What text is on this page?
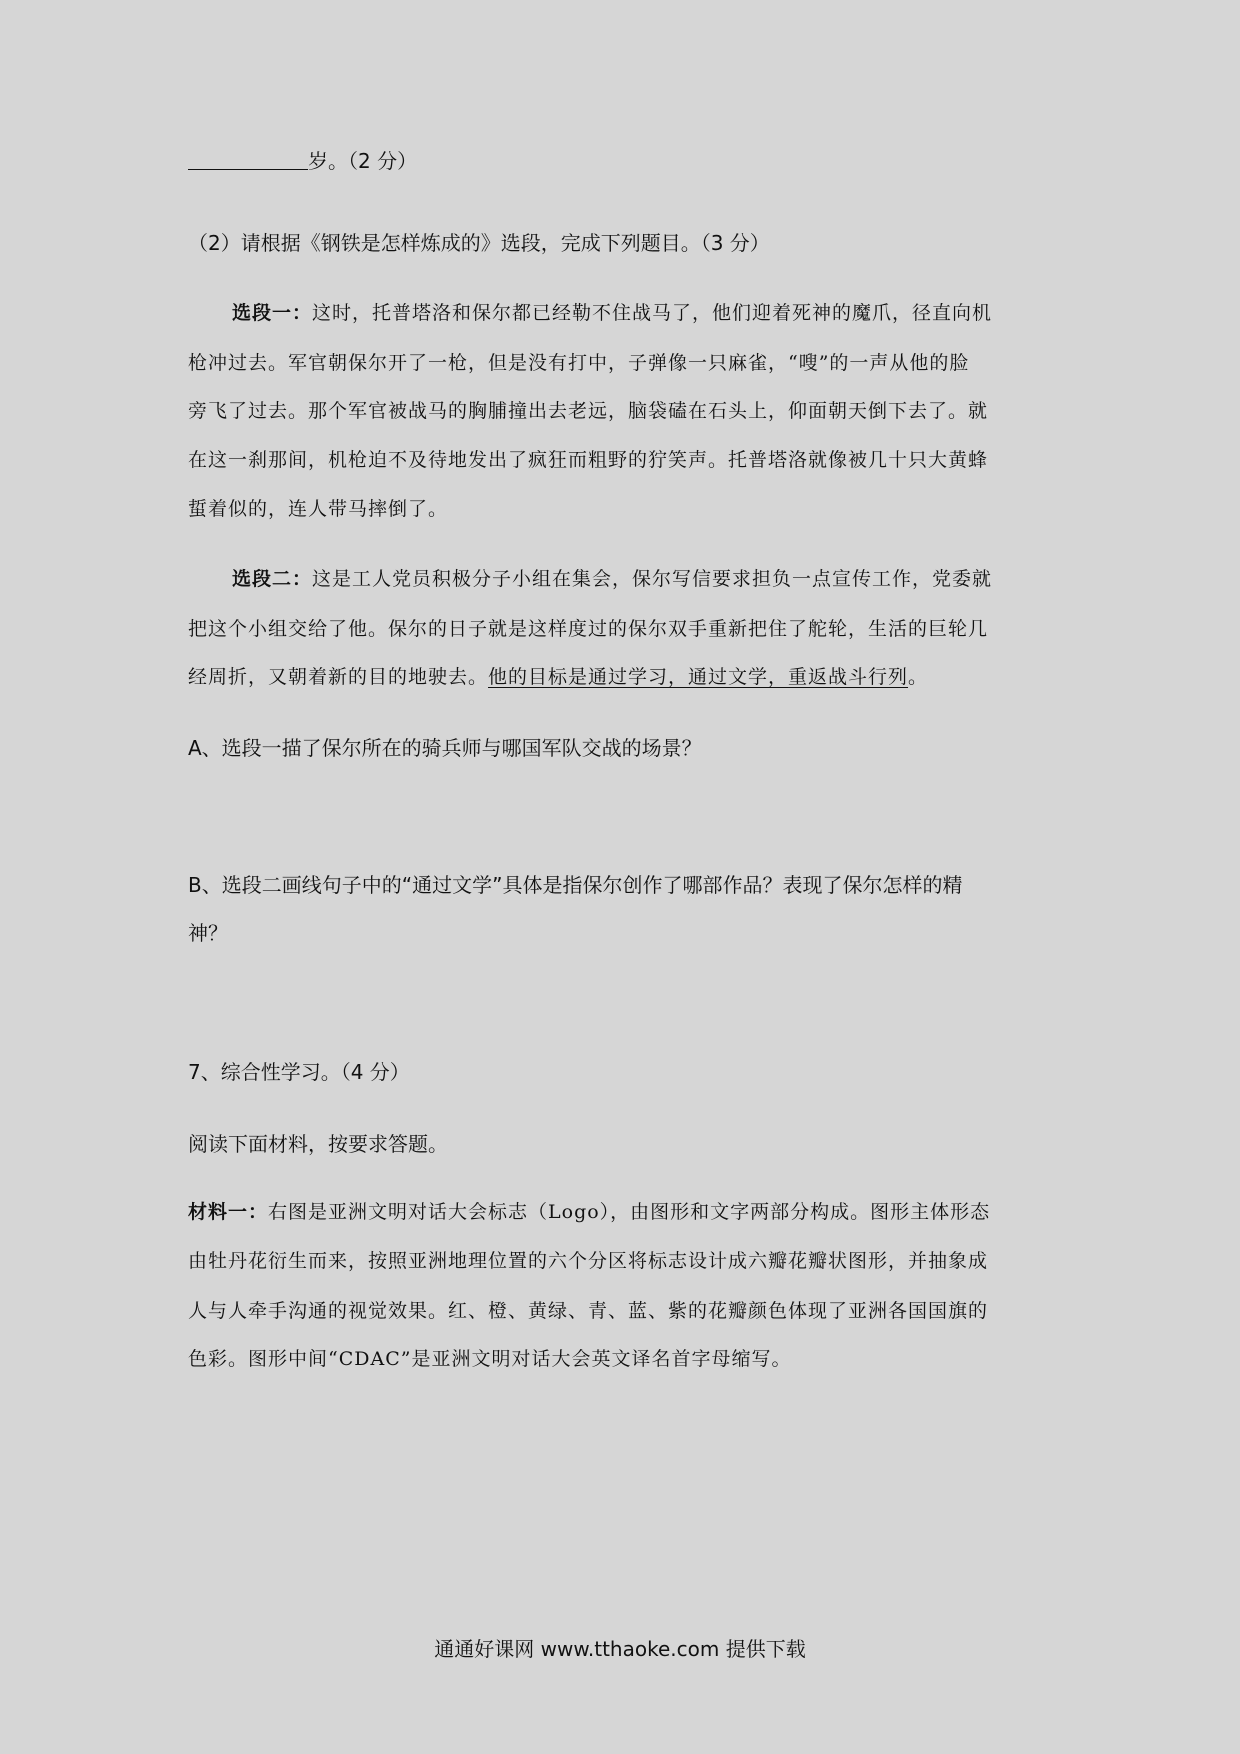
岁。（2 分）
（2）请根据《钢铁是怎样炼成的》选段，完成下列题目。（3 分）
选段一：这时，托普塔洛和保尔都已经勒不住战马了，他们迎着死神的魔爪，径直向机
枪冲过去。军官朝保尔开了一枪，但是没有打中，子弹像一只麻雀，“嗖”的一声从他的脸
旁飞了过去。那个军官被战马的胸脯撞出去老远，脑袋磕在石头上，仰面朝天倒下去了。就
在这一刹那间，机枪迫不及待地发出了疯狂而粗野的狞笑声。托普塔洛就像被几十只大黄蜂
蜇着似的，连人带马摔倒了。
选段二：这是工人党员积极分子小组在集会，保尔写信要求担负一点宣传工作，党委就
把这个小组交给了他。保尔的日子就是这样度过的保尔双手重新把住了舵轮，生活的巨轮几
经周折，又朝着新的目的地驶去。他的目标是通过学习，通过文学，重返战斗行列。
A、选段一描了保尔所在的骑兵师与哪国军队交战的场景？
B、选段二画线句子中的“通过文学”具体是指保尔创作了哪部作品？表现了保尔怎样的精
神？
7、综合性学习。（4 分）
阅读下面材料，按要求答题。
材料一：右图是亚洲文明对话大会标志（Logo），由图形和文字两部分构成。图形主体形态
由牡丹花衍生而来，按照亚洲地理位置的六个分区将标志设计成六瓣花瓣状图形，并抽象成
人与人牵手沟通的视觉效果。红、橙、黄绿、青、蓝、紫的花瓣颜色体现了亚洲各国国旗的
色彩。图形中间“CDAC”是亚洲文明对话大会英文译名首字母缩写。
通通好课网 www.tthaoke.com 提供下载
